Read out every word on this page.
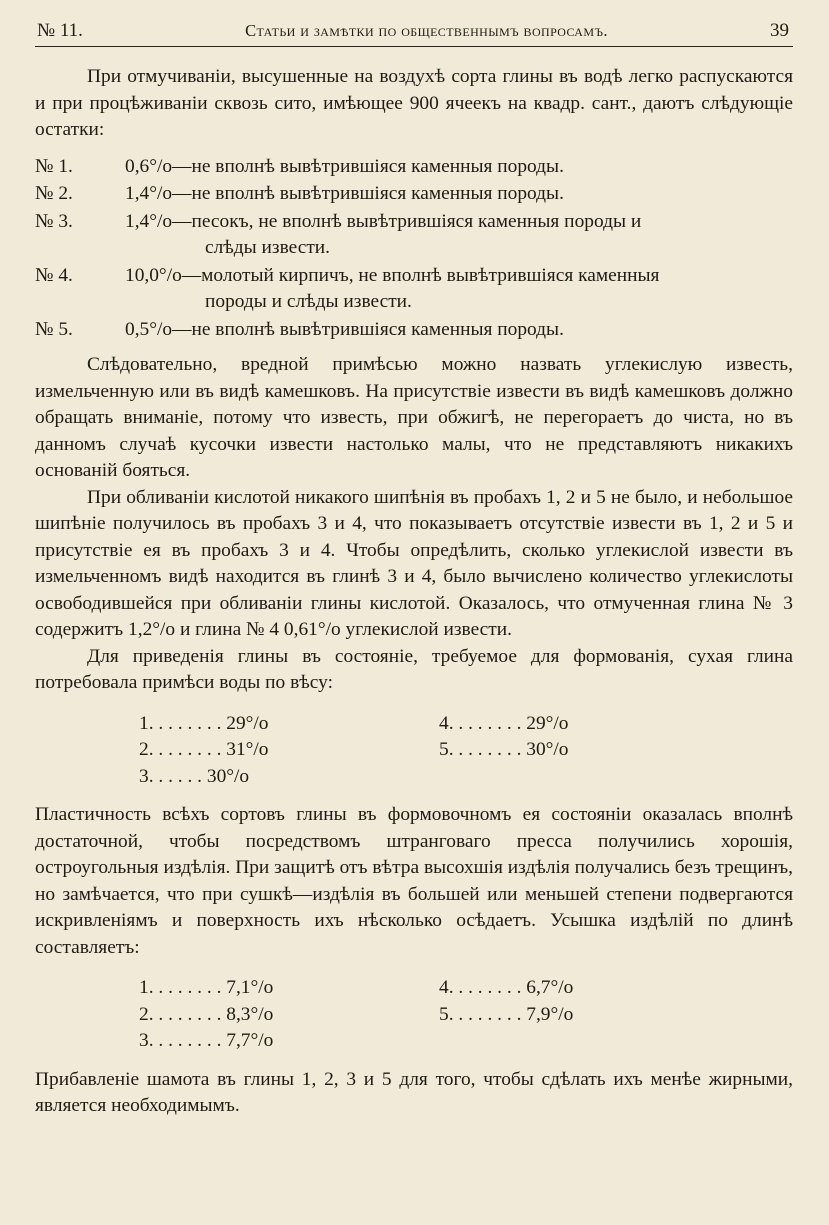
№ 11.	Статьи и замѣтки по общественнымъ вопросамъ.	39

При отмучиваніи, высушенные на воздухѣ сорта глины въ водѣ легко распускаются и при процѣживаніи сквозь сито, имѣющее 900 ячеекъ на квадр. сант., даютъ слѣдующіе остатки:

№ 1.	0,6°/о—не вполнѣ вывѣтрившіяся каменныя породы.
№ 2.	1,4°/о—не вполнѣ вывѣтрившіяся каменныя породы.
№ 3.	1,4°/о—песокъ, не вполнѣ вывѣтрившіяся каменныя породы и
слѣды извести.
№ 4.	10,0°/о—молотый кирпичъ, не вполнѣ вывѣтрившіяся каменныя
породы и слѣды извести.
№ 5.	0,5°/о—не вполнѣ вывѣтрившіяся каменныя породы.

Слѣдовательно, вредной примѣсью можно назвать углекислую известь, измельченную или въ видѣ камешковъ. На присутствіе извести въ видѣ камешковъ должно обращать вниманіе, потому что известь, при обжигѣ, не перегораетъ до чиста, но въ данномъ случаѣ кусочки извести настолько малы, что не представляютъ никакихъ основаній бояться.

При обливаніи кислотой никакого шипѣнія въ пробахъ 1, 2 и 5 не было, и небольшое шипѣніе получилось въ пробахъ 3 и 4, что показываетъ отсутствіе извести въ 1, 2 и 5 и присутствіе ея въ пробахъ 3 и 4. Чтобы опредѣлить, сколько углекислой извести въ измельченномъ видѣ находится въ глинѣ 3 и 4, было вычислено количество углекислоты освободившейся при обливаніи глины кислотой. Оказалось, что отмученная глина № 3 содержитъ 1,2°/о и глина № 4 0,61°/о углекислой извести.

Для приведенія глины въ состояніе, требуемое для формованія, сухая глина потребовала примѣси воды по вѣсу:

1. . . . . . . . 29°/о	4. . . . . . . . 29°/о
2. . . . . . . . 31°/о	5. . . . . . . . 30°/о
3. . . . . . 30°/о

Пластичность всѣхъ сортовъ глины въ формовочномъ ея состояніи оказалась вполнѣ достаточной, чтобы посредствомъ штранговаго пресса получились хорошія, остроугольныя издѣлія. При защитѣ отъ вѣтра высохшія издѣлія получались безъ трещинъ, но замѣчается, что при сушкѣ—издѣлія въ большей или меньшей степени подвергаются искривленіямъ и поверхность ихъ нѣсколько осѣдаетъ. Усышка издѣлій по длинѣ составляетъ:

1. . . . . . . . 7,1°/о	4. . . . . . . . 6,7°/о
2. . . . . . . . 8,3°/о	5. . . . . . . . 7,9°/о
3. . . . . . . . 7,7°/о

Прибавленіе шамота въ глины 1, 2, 3 и 5 для того, чтобы сдѣлать ихъ менѣе жирными, является необходимымъ.
